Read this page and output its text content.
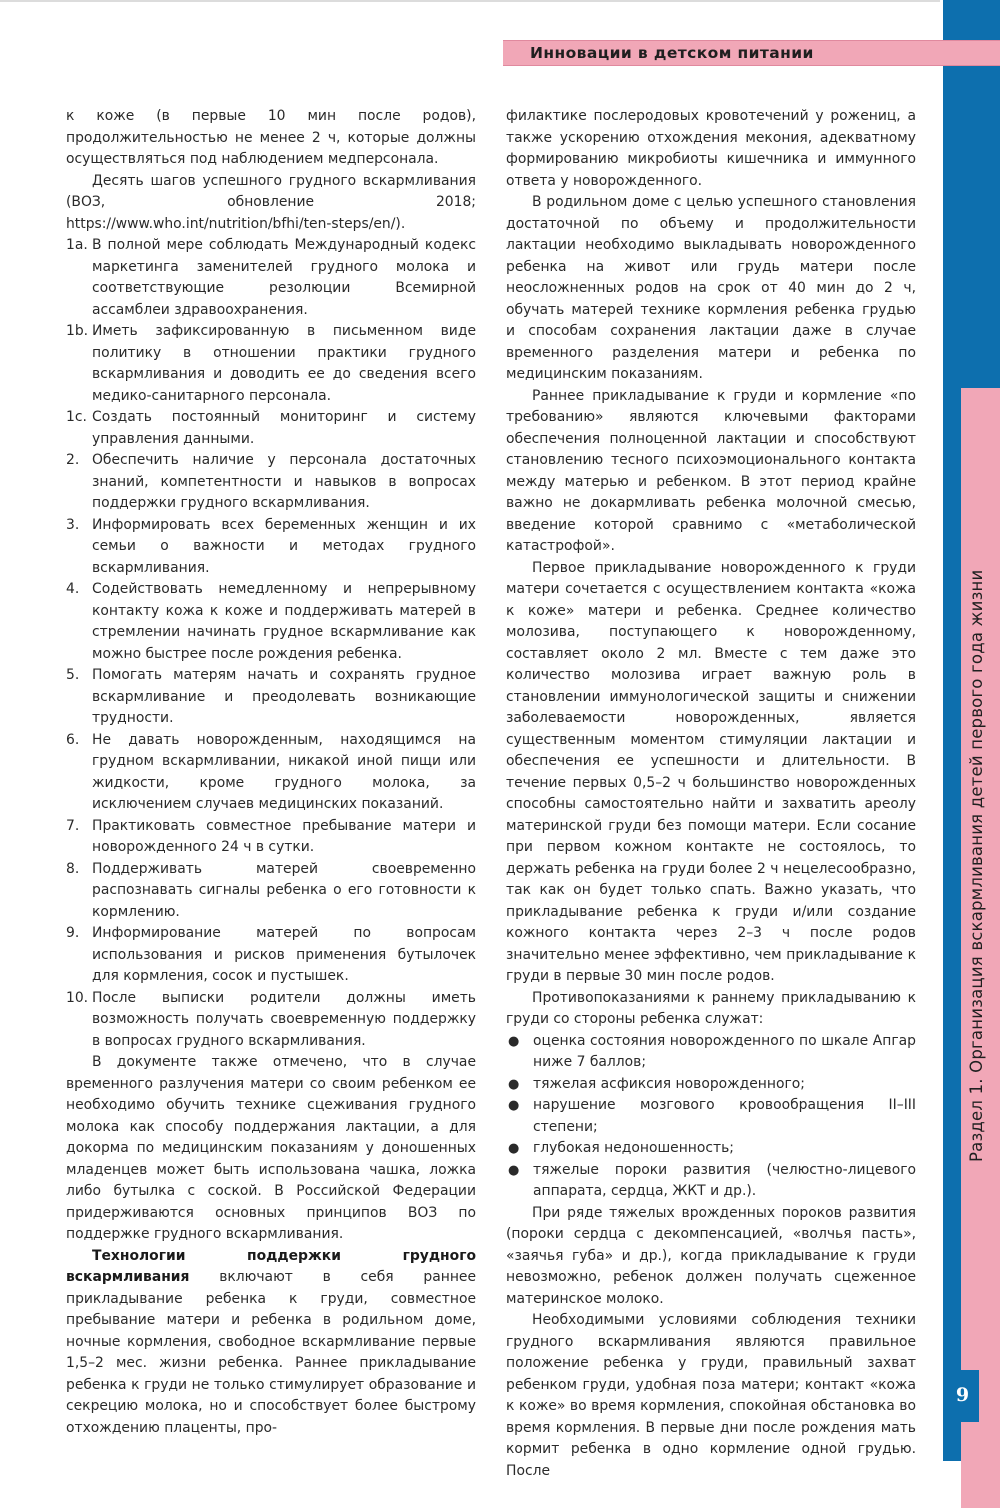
Инновации в детском питании
Раздел 1. Организация вскармливания детей первого года жизни
9

к коже (в первые 10 мин после родов), продолжительностью не менее 2 ч, которые должны осуществляться под наблюдением медперсонала.

Десять шагов успешного грудного вскармливания (ВОЗ, обновление 2018; https://www.who.int/nutrition/bfhi/ten-steps/en/).

1a. В полной мере соблюдать Международный кодекс маркетинга заменителей грудного молока и соответствующие резолюции Всемирной ассамблеи здравоохранения.
1b. Иметь зафиксированную в письменном виде политику в отношении практики грудного вскармливания и доводить ее до сведения всего медико-санитарного персонала.
1c. Создать постоянный мониторинг и систему управления данными.
2. Обеспечить наличие у персонала достаточных знаний, компетентности и навыков в вопросах поддержки грудного вскармливания.
3. Информировать всех беременных женщин и их семьи о важности и методах грудного вскармливания.
4. Содействовать немедленному и непрерывному контакту кожа к коже и поддерживать матерей в стремлении начинать грудное вскармливание как можно быстрее после рождения ребенка.
5. Помогать матерям начать и сохранять грудное вскармливание и преодолевать возникающие трудности.
6. Не давать новорожденным, находящимся на грудном вскармливании, никакой иной пищи или жидкости, кроме грудного молока, за исключением случаев медицинских показаний.
7. Практиковать совместное пребывание матери и новорожденного 24 ч в сутки.
8. Поддерживать матерей своевременно распознавать сигналы ребенка о его готовности к кормлению.
9. Информирование матерей по вопросам использования и рисков применения бутылочек для кормления, сосок и пустышек.
10. После выписки родители должны иметь возможность получать своевременную поддержку в вопросах грудного вскармливания.

В документе также отмечено, что в случае временного разлучения матери со своим ребенком ее необходимо обучить технике сцеживания грудного молока как способу поддержания лактации, а для докорма по медицинским показаниям у доношенных младенцев может быть использована чашка, ложка либо бутылка с соской. В Российской Федерации придерживаются основных принципов ВОЗ по поддержке грудного вскармливания.

Технологии поддержки грудного вскармливания включают в себя раннее прикладывание ребенка к груди, совместное пребывание матери и ребенка в родильном доме, ночные кормления, свободное вскармливание первые 1,5–2 мес. жизни ребенка. Раннее прикладывание ребенка к груди не только стимулирует образование и секрецию молока, но и способствует более быстрому отхождению плаценты, про-

филактике послеродовых кровотечений у рожениц, а также ускорению отхождения мекония, адекватному формированию микробиоты кишечника и иммунного ответа у новорожденного.

В родильном доме с целью успешного становления достаточной по объему и продолжительности лактации необходимо выкладывать новорожденного ребенка на живот или грудь матери после неосложненных родов на срок от 40 мин до 2 ч, обучать матерей технике кормления ребенка грудью и способам сохранения лактации даже в случае временного разделения матери и ребенка по медицинским показаниям.

Раннее прикладывание к груди и кормление «по требованию» являются ключевыми факторами обеспечения полноценной лактации и способствуют становлению тесного психоэмоционального контакта между матерью и ребенком. В этот период крайне важно не докармливать ребенка молочной смесью, введение которой сравнимо с «метаболической катастрофой».

Первое прикладывание новорожденного к груди матери сочетается с осуществлением контакта «кожа к коже» матери и ребенка. Среднее количество молозива, поступающего к новорожденному, составляет около 2 мл. Вместе с тем даже это количество молозива играет важную роль в становлении иммунологической защиты и снижении заболеваемости новорожденных, является существенным моментом стимуляции лактации и обеспечения ее успешности и длительности. В течение первых 0,5–2 ч большинство новорожденных способны самостоятельно найти и захватить ареолу материнской груди без помощи матери. Если сосание при первом кожном контакте не состоялось, то держать ребенка на груди более 2 ч нецелесообразно, так как он будет только спать. Важно указать, что прикладывание ребенка к груди и/или создание кожного контакта через 2–3 ч после родов значительно менее эффективно, чем прикладывание к груди в первые 30 мин после родов.

Противопоказаниями к раннему прикладыванию к груди со стороны ребенка служат:

● оценка состояния новорожденного по шкале Апгар ниже 7 баллов;
● тяжелая асфиксия новорожденного;
● нарушение мозгового кровообращения II–III степени;
● глубокая недоношенность;
● тяжелые пороки развития (челюстно-лицевого аппарата, сердца, ЖКТ и др.).

При ряде тяжелых врожденных пороков развития (пороки сердца с декомпенсацией, «волчья пасть», «заячья губа» и др.), когда прикладывание к груди невозможно, ребенок должен получать сцеженное материнское молоко.

Необходимыми условиями соблюдения техники грудного вскармливания являются правильное положение ребенка у груди, правильный захват ребенком груди, удобная поза матери; контакт «кожа к коже» во время кормления, спокойная обстановка во время кормления. В первые дни после рождения мать кормит ребенка в одно кормление одной грудью. После
